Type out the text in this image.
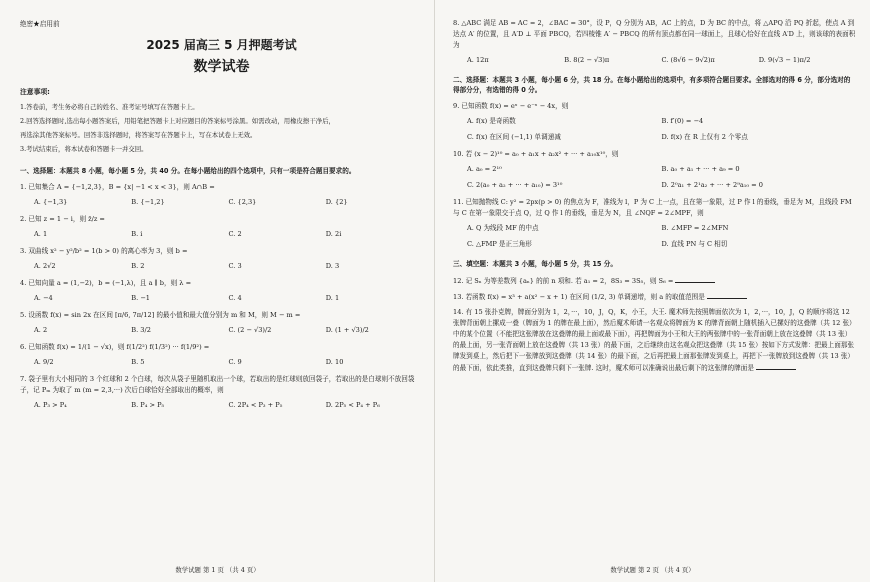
绝密★启用前
2025 届高三 5 月押题考试
数学试卷
注意事项:

1.答卷前，考生务必将自己的姓名、准考证号填写在答题卡上。

2.回答选择题时,选出每小题答案后，用铅笔把答题卡上对应题目的答案标号涂黑。如需改动，用橡皮擦干净后，

再选涂其他答案标号。回答非选择题时，将答案写在答题卡上，写在本试卷上无效。

3.考试结束后，将本试卷和答题卡一并交回。

一、选择题：本题共 8 小题，每小题 5 分，共 40 分。在每小题给出的四个选项中，只有一项是符合题目要求的。
1. 已知集合 A = {−1,2,3}，B = {x| −1 < x < 3}，则 A∩B =
A. {−1,3}	B. {−1,2}	C. {2,3}	D. {2}
2. 已知 z = 1 − i，则 z̄/z =
A. 1	B. i	C. 2	D. 2i
3. 双曲线 x² − y²/b² = 1(b > 0) 的离心率为 3，则 b =
A. 2√2	B. 2	C. 3	D. 3
4. 已知向量 a = (1,−2)，b = (−1,λ)，且 a ∥ b，则 λ =
A. −4	B. −1	C. 4	D. 1
5. 设函数 f(x) = sin 2x 在区间 [π/6, 7π/12] 的最小值和最大值分别为 m 和 M，则 M − m =
A. 2	B. 3/2	C. (2 − √3)/2	D. (1 + √3)/2
6. 已知函数 f(x) = 1/(1 − √x)，则 f(1/2²) f(1/3²) ··· f(1/9²) =
A. 9/2	B. 5	C. 9	D. 10
7. 袋子里有大小相同的 3 个红球和 2 个白球，每次从袋子里随机取出一个球，若取出的是红球则放回袋子，若取出的是白球则不放回袋子，记 Pₘ 为取了 m (m = 2,3,···) 次后白球恰好全部取出的概率，则
A. P₃ > P₄	B. P₄ > P₅	C. 2P₄ < P₃ + P₅	D. 2P₅ < P₄ + P₆
数学试题 第 1 页 （共 4 页）
8. △ABC 满足 AB = AC = 2，∠BAC = 30°，设 P，Q 分别为 AB，AC 上的点，D 为 BC 的中点，将 △APQ 沿 PQ 折起，使点 A 到达点 A′ 的位置，且 A′D ⊥ 平面 PBCQ，若四棱锥 A′ − PBCQ 的所有顶点都在同一球面上，且球心恰好在直线 A′D 上，则该球的表面积为
A. 12π	B. 8(2 − √3)π	C. (8√6 − 9√2)π	D. 9(√3 − 1)π/2
二、选择题：本题共 3 小题，每小题 6 分，共 18 分。在每小题给出的选项中，有多项符合题目要求。全部选对的得 6 分，部分选对的得部分分，有选错的得 0 分。
9. 已知函数 f(x) = eˣ − e⁻ˣ − 4x，则
A. f(x) 是奇函数	B. f′(0) = −4
C. f(x) 在区间 (−1,1) 单调递减	D. f(x) 在 R 上仅有 2 个零点
10. 若 (x − 2)¹⁰ = a₀ + a₁x + a₂x² + ··· + a₁₀x¹⁰，则
A. a₀ = 2¹⁰	B. a₀ + a₁ + ··· + a₉ = 0
C. 2(a₀ + a₂ + ··· + a₁₀) = 3¹⁰	D. 2⁰a₁ + 2¹a₂ + ··· + 2⁹a₁₀ = 0
11. 已知抛物线 C: y² = 2px(p > 0) 的焦点为 F，准线为 l，P 为 C 上一点，且在第一象限，过 P 作 l 的垂线，垂足为 M，且线段 FM 与 C 在第一象限交于点 Q，过 Q 作 l 的垂线，垂足为 N，且 ∠NQF = 2∠MPF，则
A. Q 为线段 MF 的中点	B. ∠MFP = 2∠MFN
C. △FMP 是正三角形	D. 直线 PN 与 C 相切
三、填空题：本题共 3 小题，每小题 5 分，共 15 分。
12. 记 Sₙ 为等差数列 {aₙ} 的前 n 项和. 若 a₁ = 2，8S₃ = 3S₅，则 S₆ =
13. 若函数 f(x) = x³ + a(x² − x + 1) 在区间 (1/2, 3) 单调递增，则 a 的取值范围是
14. 有 15 张扑克牌，牌面分别为 1，2，···，10，J，Q，K，小王，大王. 魔术师先按照牌面依次为 1，2，···，10，J，Q 的顺序将这 12 张牌背面朝上摞成一叠（牌面为 1 的牌在最上面），然后魔术师请一名观众将牌面为 K 的牌背面朝上随机插入已摞好的这叠牌（共 12 张）中的某个位置（不能把这张牌放在这叠牌的最上面或最下面），再把牌面为小王和大王的两张牌中的一张背面朝上放在这叠牌（共 13 张）的最上面，另一张背面朝上放在这叠牌（共 13 张）的最下面，之后继续由这名观众把这叠牌（共 15 张）按如下方式发牌：把最上面那张牌发到桌上，然后把下一张牌放到这叠牌（共 14 张）的最下面，之后再把最上面那张牌发到桌上，再把下一张牌放到这叠牌（共 13 张）的最下面，依此类推，直到这叠牌只剩下一张牌. 这时，魔术师可以准确说出最后剩下的这张牌的牌面是
数学试题 第 2 页 （共 4 页）
